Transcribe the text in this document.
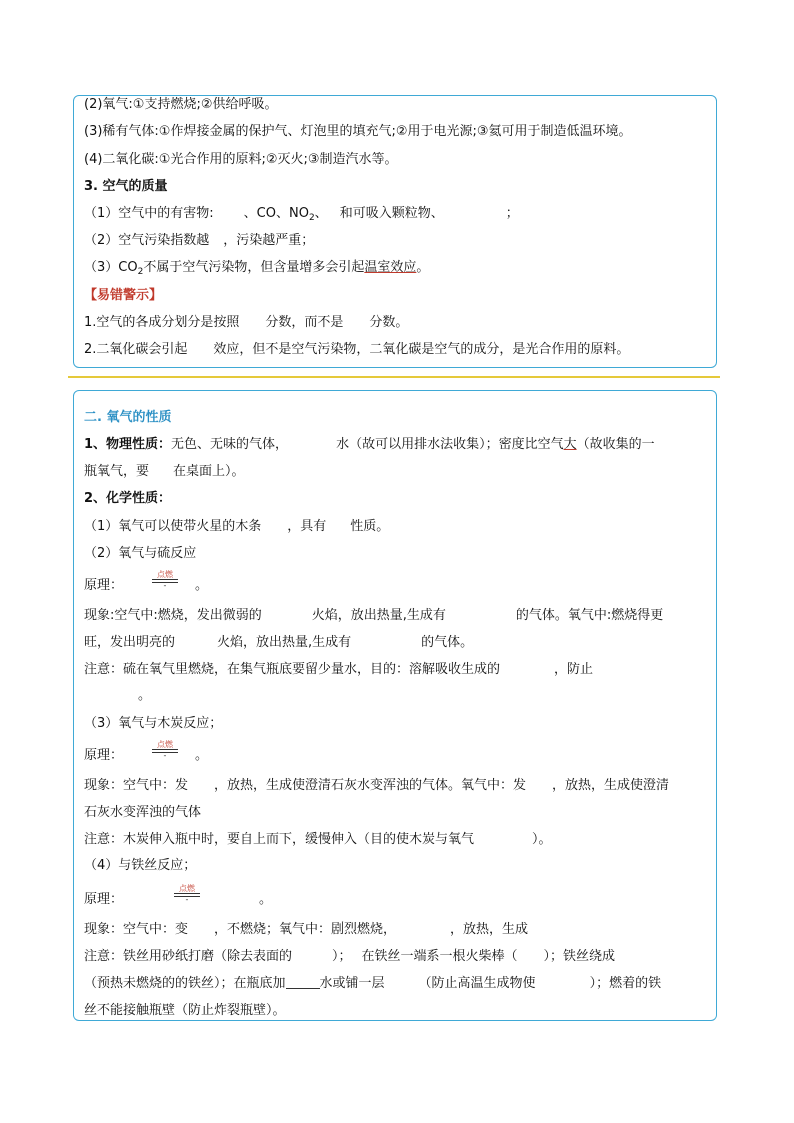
(2)氧气:①支持燃烧;②供给呼吸。
(3)稀有气体:①作焊接金属的保护气、灯泡里的填充气;②用于电光源;③氦可用于制造低温环境。
(4)二氧化碳:①光合作用的原料;②灭火;③制造汽水等。
3. 空气的质量
（1）空气中的有害物: 、CO、$NO_2$、 和可吸入颗粒物、	；
（2）空气污染指数越 ，污染越严重；
$(3)CO_2$不属于空气污染物，但含量增多会引起温室效应。
【易错警示】
1.空气的各成分划分是按照 分数，而不是 分数。
2.二氧化碳会引起 效应，但不是空气污染物，二氧化碳是空气的成分，是光合作用的原料。
二. 氧气的性质
1、物理性质：无色、无味的气体，	水（故可以用排水法收集）；密度比空气大（故收集的一
瓶氧气，要 在桌面上）。
2、化学性质：
（1）氧气可以使带火星的木条 ，具有 性质。
（2）氧气与硫反应
原理：	。
点燃
-
现象:空气中:燃烧，发出微弱的	火焰，放出热量,生成有	的气体。氧气中:燃烧得更
旺，发出明亮的	火焰，放出热量,生成有	的气体。
注意：硫在氧气里燃烧，在集气瓶底要留少量水，目的：溶解吸收生成的	，防止
。
（3）氧气与木炭反应；
原理：	。
点燃
-
现象：空气中：发 ，放热，生成使澄清石灰水变浑浊的气体。氧气中：发 ，放热，生成使澄清
石灰水变浑浊的气体
注意：木炭伸入瓶中时，要自上而下，缓慢伸入（目的使木炭与氧气	）。
（4）与铁丝反应；
原理：	。
点燃
-
现象：空气中：变 ，不燃烧；氧气中：剧烈燃烧，	，放热，生成
注意：铁丝用砂纸打磨（除去表面的	）； 在铁丝一端系一根火柴棒（ ）；铁丝绕成
（预热未燃烧的的铁丝）；在瓶底加	水或铺一层	（防止高温生成物使	）；燃着的铁
丝不能接触瓶壁（防止炸裂瓶壁）。
